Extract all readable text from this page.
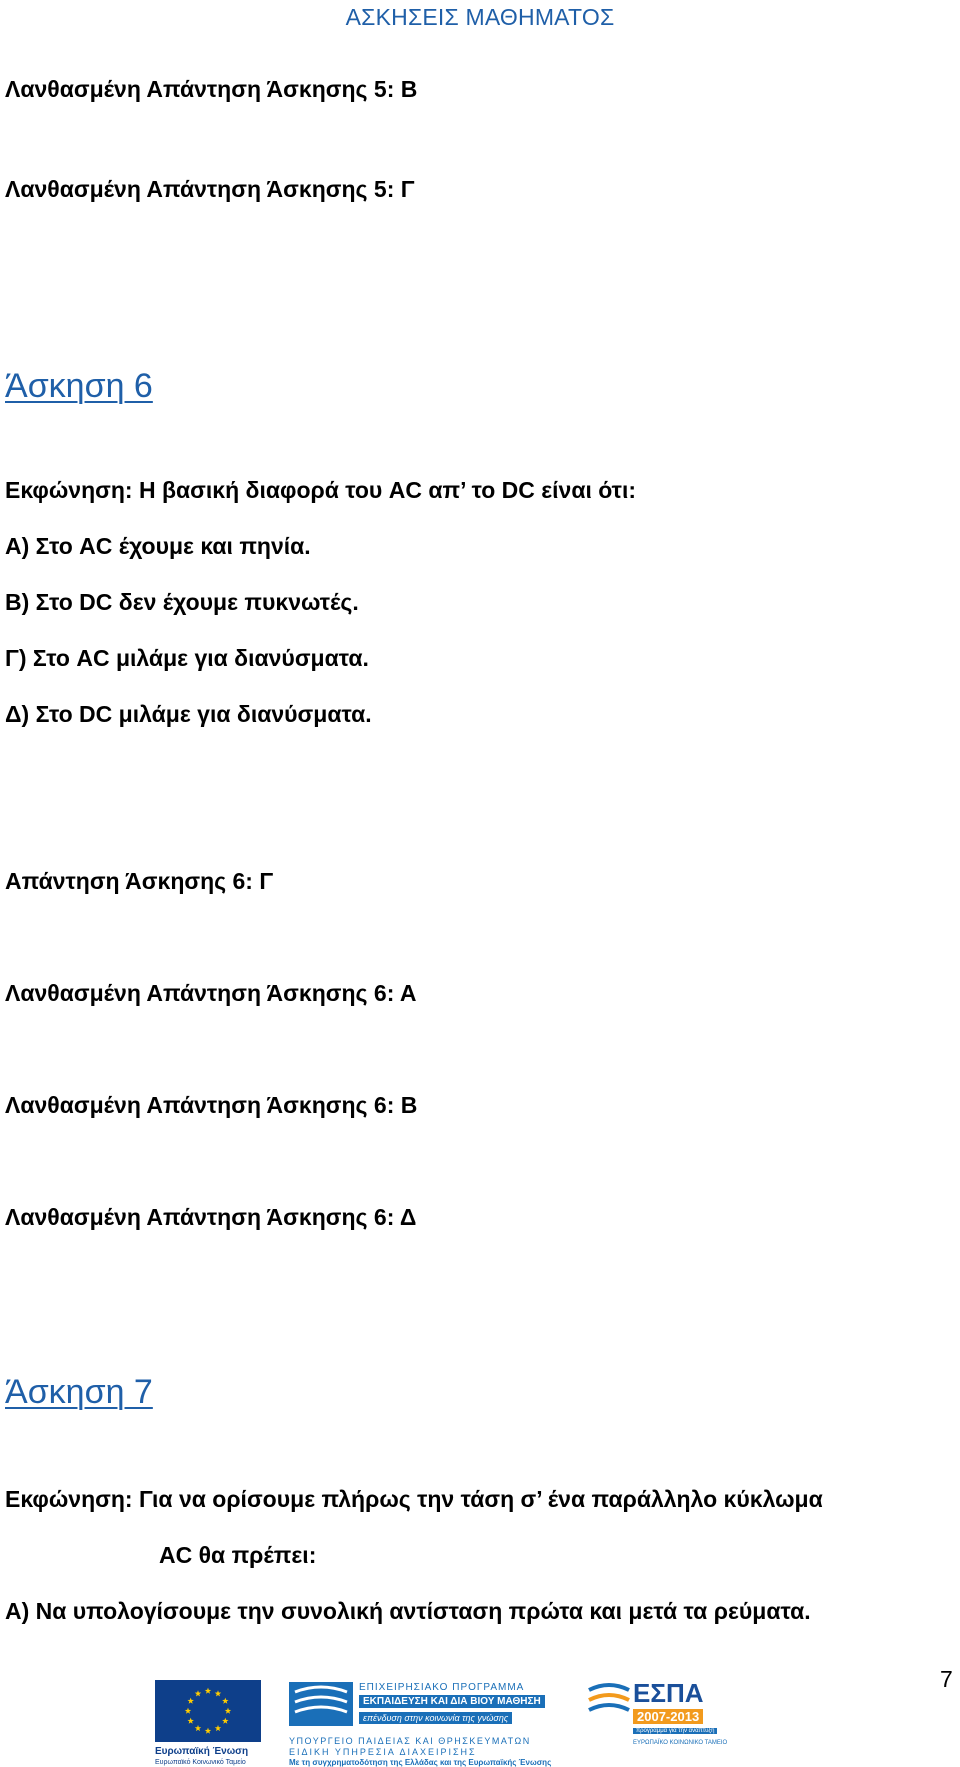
ΑΣΚΗΣΕΙΣ ΜΑΘΗΜΑΤΟΣ
Λανθασμένη Απάντηση Άσκησης 5: Β
Λανθασμένη Απάντηση Άσκησης 5: Γ
Άσκηση 6
Εκφώνηση: Η βασική διαφορά του AC απ’ το DC είναι ότι:
Α) Στο AC έχουμε και πηνία.
Β) Στο DC δεν έχουμε πυκνωτές.
Γ) Στο AC μιλάμε για διανύσματα.
Δ) Στο DC μιλάμε για διανύσματα.
Απάντηση Άσκησης 6: Γ
Λανθασμένη Απάντηση Άσκησης 6: Α
Λανθασμένη Απάντηση Άσκησης 6: Β
Λανθασμένη Απάντηση Άσκησης 6: Δ
Άσκηση 7
Εκφώνηση: Για να ορίσουμε πλήρως την τάση σ’ ένα παράλληλο κύκλωμα
AC θα πρέπει:
Α) Να υπολογίσουμε την συνολική αντίσταση πρώτα και μετά τα ρεύματα.
7
Ευρωπαϊκή Ένωση
Ευρωπαϊκό Κοινωνικό Ταμείο
ΕΠΙΧΕΙΡΗΣΙΑΚΟ ΠΡΟΓΡΑΜΜΑ
ΕΚΠΑΙΔΕΥΣΗ ΚΑΙ ΔΙΑ ΒΙΟΥ ΜΑΘΗΣΗ
επένδυση στην κοινωνία της γνώσης
ΥΠΟΥΡΓΕΙΟ ΠΑΙΔΕΙΑΣ ΚΑΙ ΘΡΗΣΚΕΥΜΑΤΩΝ
ΕΙΔΙΚΗ ΥΠΗΡΕΣΙΑ ΔΙΑΧΕΙΡΙΣΗΣ
Με τη συγχρηματοδότηση της Ελλάδας και της Ευρωπαϊκής Ένωσης
ΕΣΠΑ
2007-2013
πρόγραμμα για την ανάπτυξη
ΕΥΡΩΠΑΪΚΟ ΚΟΙΝΩΝΙΚΟ ΤΑΜΕΙΟ
